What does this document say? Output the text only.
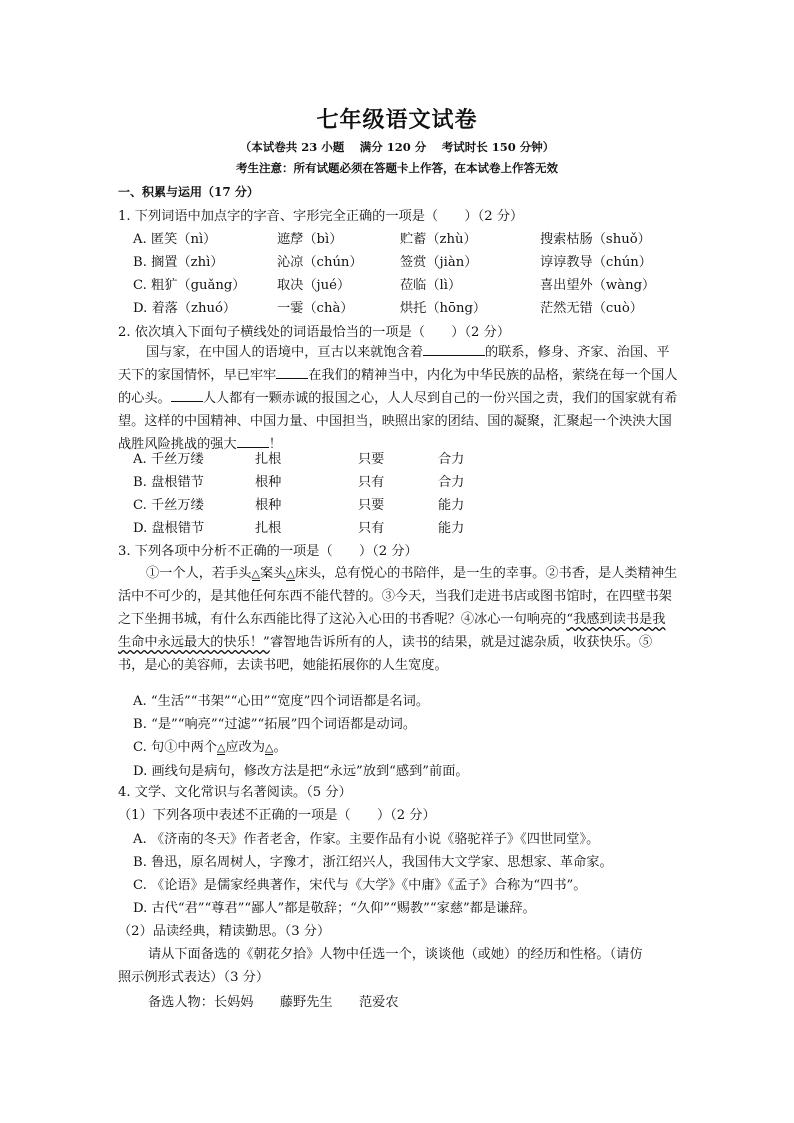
七年级语文试卷
（本试卷共 23 小题　 满分 120 分　 考试时长 150 分钟）
考生注意：所有试题必须在答题卡上作答，在本试卷上作答无效
一、积累与运用（17 分）
1. 下列词语中加点字的字音、字形完全正确的一项是（　　）（2 分）
A. 匿笑（nì）	遮孷（bì）	贮蓄（zhù）	搜索枯肠（shuǒ）
B. 搁置（zhì）	沁凉（chún）	签赏（jiàn）	谆谆教导（chún）
C. 粗犷（guǎng） 取决（jué）	莅临（lì）	喜出望外（wàng）
D. 着落（zhuó）	一霎（chà）	烘托（hōng）	茫然无错（cuò）
2. 依次填入下面句子横线处的词语最恰当的一项是（　　）（2 分）
国与家，在中国人的语境中，亘古以来就饱含着	的联系，修身、齐家、治国、平天下的家国情怀，早已牢牢 在我们的精神当中，内化为中华民族的品格，萦绕在每一个国人的心头。 人人都有一颗赤诚的报国之心，人人尽到自己的一份兴国之责，我们的国家就有希望。这样的中国精神、中国力量、中国担当，映照出家的团结、国的凝聚，汇聚起一个泱泱大国战胜风险挑战的强大 ！
A. 千丝万缕	扎根	只要	合力
B. 盘根错节	根种	只有	合力
C. 千丝万缕	根种	只要	能力
D. 盘根错节	扎根	只有	能力
3. 下列各项中分析不正确的一项是（　　）（2 分）
①一个人，若手头△案头△床头，总有悦心的书陪伴，是一生的幸事。②书香，是人类精神生活中不可少的，是其他任何东西不能代替的。③今天，当我们走进书店或图书馆时，在四壁书架之下坐拥书城，有什么东西能比得了这沁入心田的书香呢？④冰心一句响亮的“我感到读书是我生命中永远最大的快乐！”睿智地告诉所有的人，读书的结果，就是过滤杂质，收获快乐。⑤书，是心的美容师，去读书吧，她能拓展你的人生宽度。
A. “生活”“书架”“心田”“宽度”四个词语都是名词。
B. “是”“响亮”“过滤”“拓展”四个词语都是动词。
C. 句①中两个△应改为△。
D. 画线句是病句，修改方法是把“永远”放到“感到”前面。
4. 文学、文化常识与名著阅读。（5 分）
（1）下列各项中表述不正确的一项是（　　）（2 分）
A. 《济南的冬天》作者老舍，作家。主要作品有小说《骆驼祥子》《四世同堂》。
B. 鲁迅，原名周树人，字豫才，浙江绍兴人，我国伟大文学家、思想家、革命家。
C. 《论语》是儒家经典著作，宋代与《大学》《中庸》《孟子》合称为“四书”。
D. 古代“君”“尊君”“鄙人”都是敬辞；“久仰”“赐教”“家慈”都是谦辞。
（2）品读经典，精读勤思。（3 分）
请从下面备选的《朝花夕拾》人物中任选一个，谈谈他（或她）的经历和性格。（请仿
照示例形式表达）（3 分）
备选人物：长妈妈　　藤野先生　　范爱农
